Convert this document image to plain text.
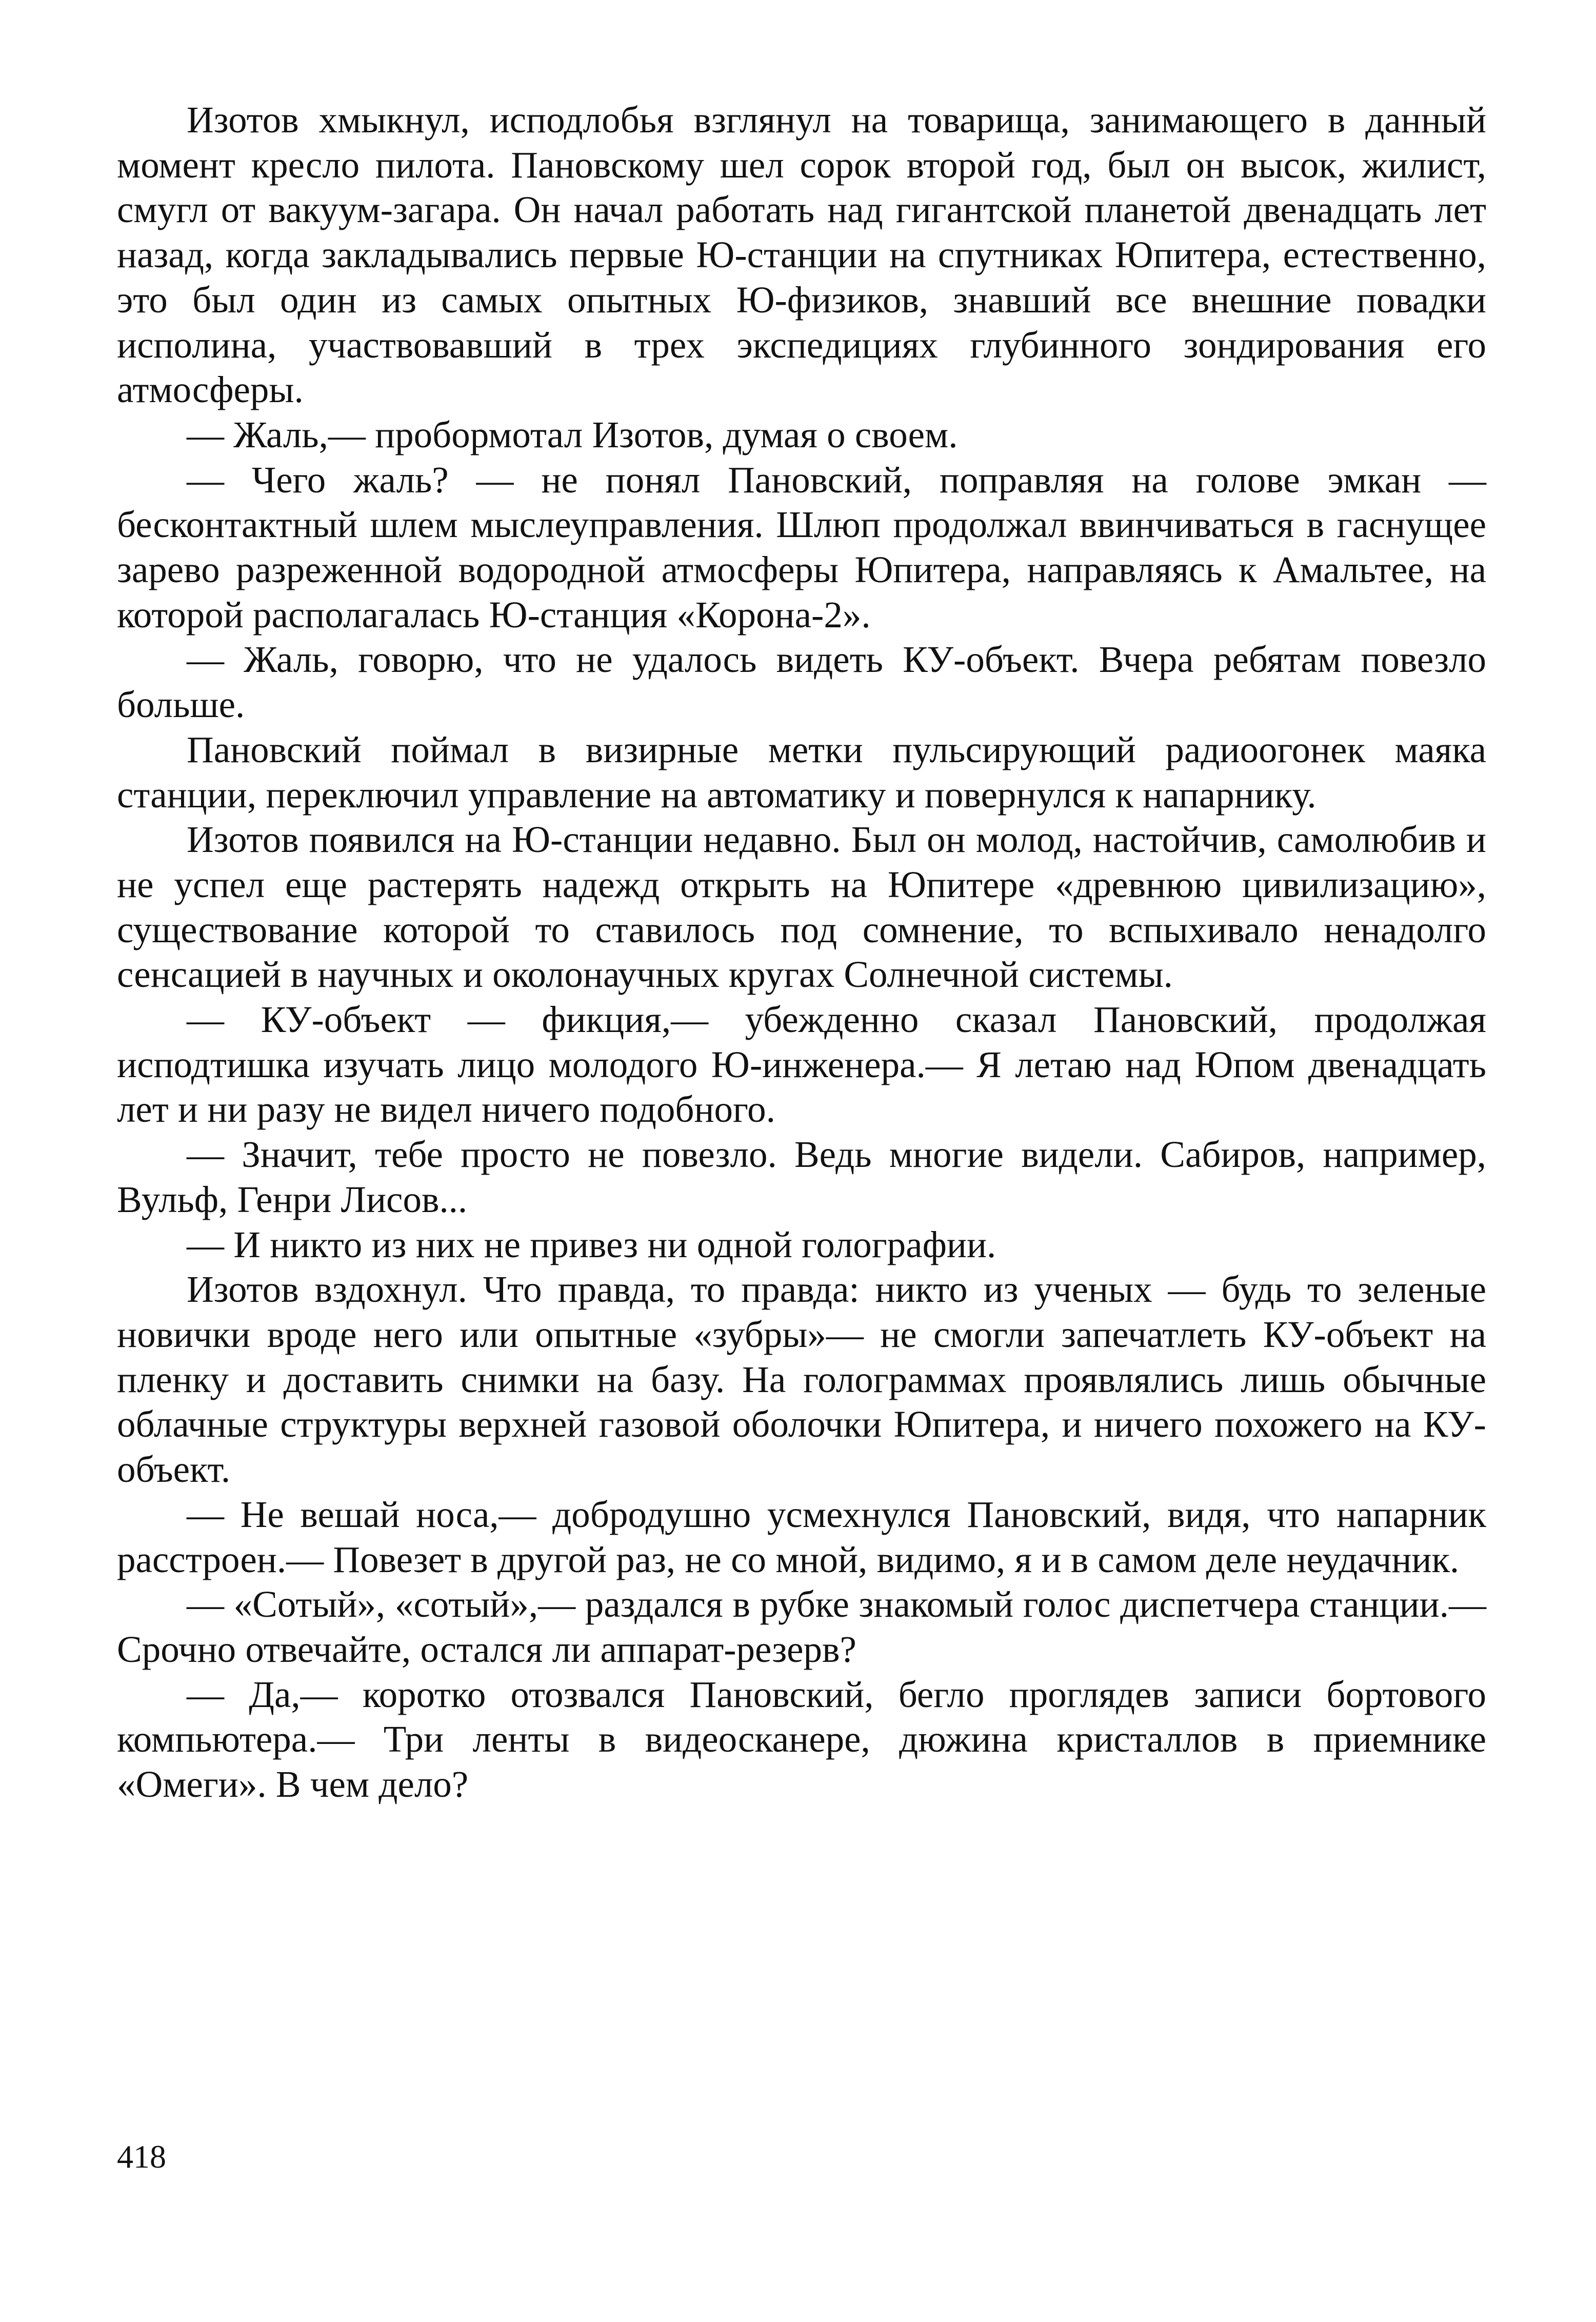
Изотов хмыкнул, исподлобья взглянул на товарища, занимающего в данный момент кресло пилота. Пановскому шел сорок второй год, был он высок, жилист, смугл от вакуум-загара. Он начал работать над гигантской планетой двенадцать лет назад, когда закладывались первые Ю-станции на спутниках Юпитера, естественно, это был один из самых опытных Ю-физиков, знавший все внешние повадки исполина, участвовавший в трех экспедициях глубинного зондирования его атмосферы.

— Жаль,— пробормотал Изотов, думая о своем.

— Чего жаль? — не понял Пановский, поправляя на голове эмкан — бесконтактный шлем мыслеуправления. Шлюп продолжал ввинчиваться в гаснущее зарево разреженной водородной атмосферы Юпитера, направляясь к Амальтее, на которой располагалась Ю-станция «Корона-2».

— Жаль, говорю, что не удалось видеть КУ-объект. Вчера ребятам повезло больше.

Пановский поймал в визирные метки пульсирующий радиоогонек маяка станции, переключил управление на автоматику и повернулся к напарнику.

Изотов появился на Ю-станции недавно. Был он молод, настойчив, самолюбив и не успел еще растерять надежд открыть на Юпитере «древнюю цивилизацию», существование которой то ставилось под сомнение, то вспыхивало ненадолго сенсацией в научных и околонаучных кругах Солнечной системы.

— КУ-объект — фикция,— убежденно сказал Пановский, продолжая исподтишка изучать лицо молодого Ю-инженера.— Я летаю над Юпом двенадцать лет и ни разу не видел ничего подобного.

— Значит, тебе просто не повезло. Ведь многие видели. Сабиров, например, Вульф, Генри Лисов...

— И никто из них не привез ни одной голографии.

Изотов вздохнул. Что правда, то правда: никто из ученых — будь то зеленые новички вроде него или опытные «зубры»— не смогли запечатлеть КУ-объект на пленку и доставить снимки на базу. На голограммах проявлялись лишь обычные облачные структуры верхней газовой оболочки Юпитера, и ничего похожего на КУ-объект.

— Не вешай носа,— добродушно усмехнулся Пановский, видя, что напарник расстроен.— Повезет в другой раз, не со мной, видимо, я и в самом деле неудачник.

— «Сотый», «сотый»,— раздался в рубке знакомый голос диспетчера станции.— Срочно отвечайте, остался ли аппарат-резерв?

— Да,— коротко отозвался Пановский, бегло проглядев записи бортового компьютера.— Три ленты в видеосканере, дюжина кристаллов в приемнике «Омеги». В чем дело?

418
